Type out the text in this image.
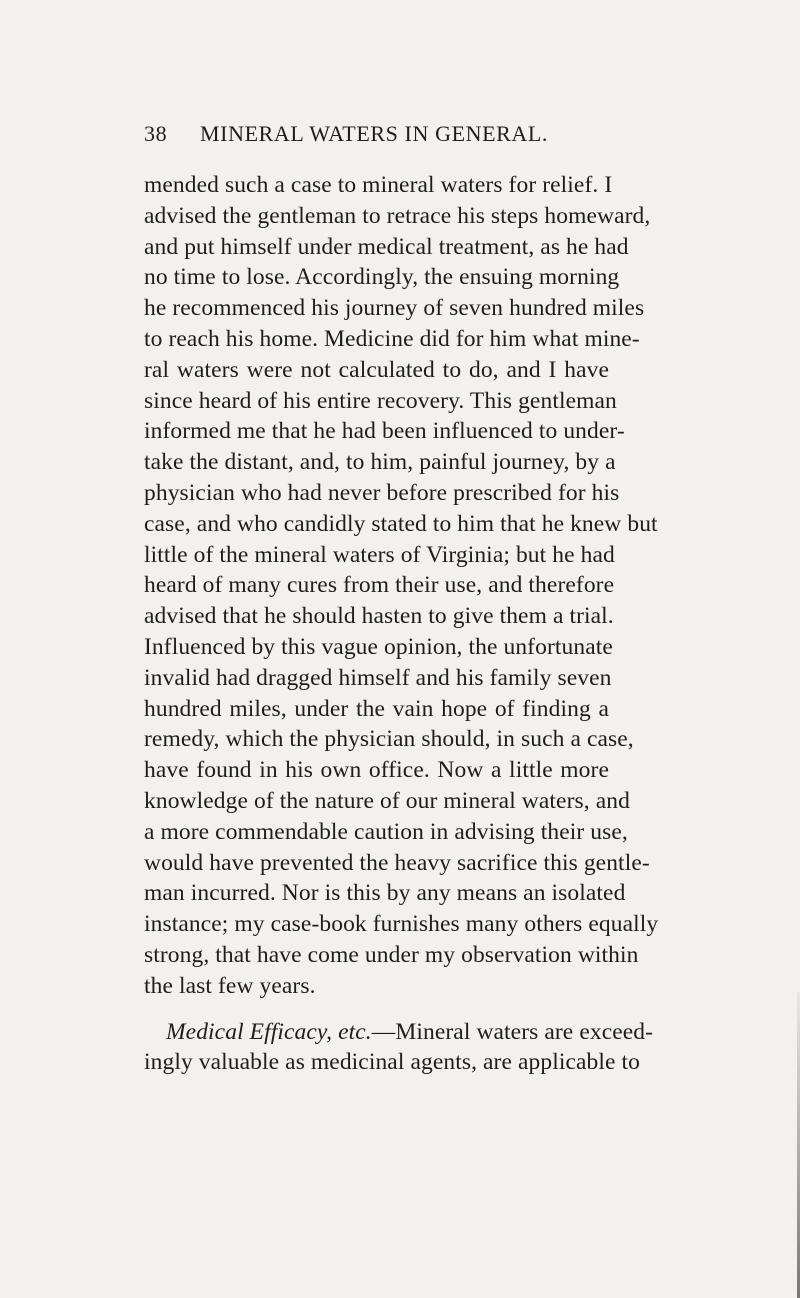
38 MINERAL WATERS IN GENERAL.
mended such a case to mineral waters for relief. I
advised the gentleman to retrace his steps homeward,
and put himself under medical treatment, as he had
no time to lose. Accordingly, the ensuing morning
he recommenced his journey of seven hundred miles
to reach his home. Medicine did for him what mine-
ral waters were not calculated to do, and I have
since heard of his entire recovery. This gentleman
informed me that he had been influenced to under-
take the distant, and, to him, painful journey, by a
physician who had never before prescribed for his
case, and who candidly stated to him that he knew but
little of the mineral waters of Virginia; but he had
heard of many cures from their use, and therefore
advised that he should hasten to give them a trial.
Influenced by this vague opinion, the unfortunate
invalid had dragged himself and his family seven
hundred miles, under the vain hope of finding a
remedy, which the physician should, in such a case,
have found in his own office. Now a little more
knowledge of the nature of our mineral waters, and
a more commendable caution in advising their use,
would have prevented the heavy sacrifice this gentle-
man incurred. Nor is this by any means an isolated
instance; my case-book furnishes many others equally
strong, that have come under my observation within
the last few years.
Medical Efficacy, etc.—Mineral waters are exceed-
ingly valuable as medicinal agents, are applicable to
